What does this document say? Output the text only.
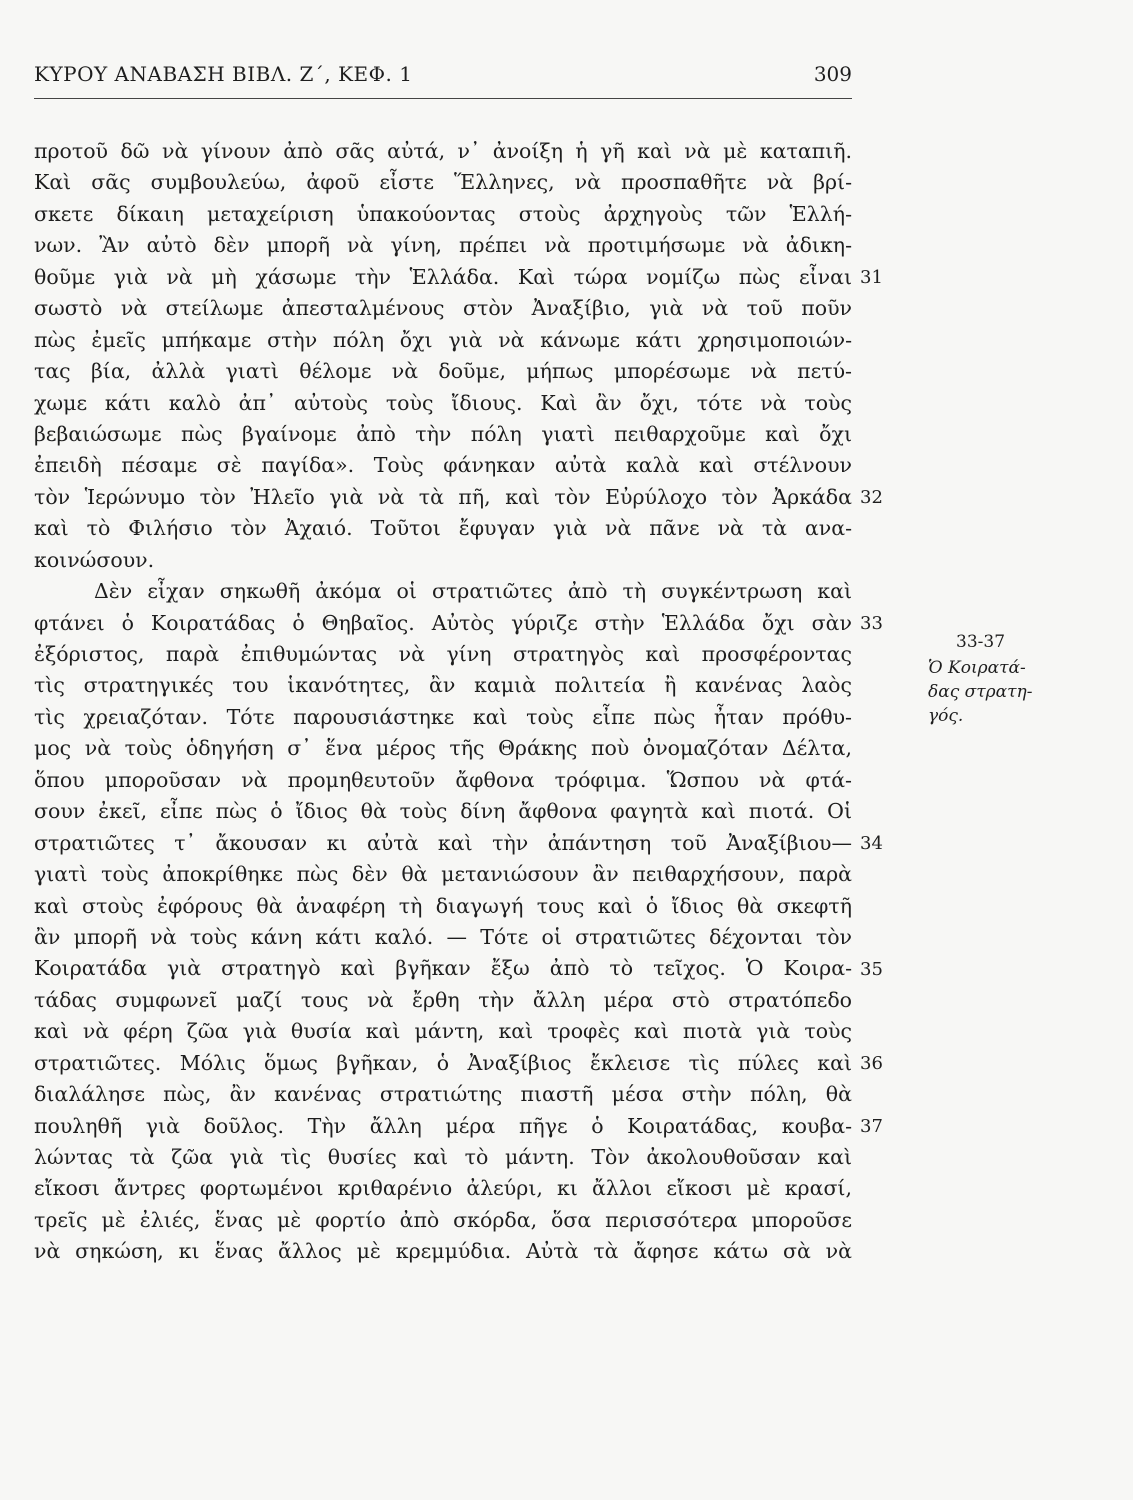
ΚΥΡΟΥ ΑΝΑΒΑΣΗ ΒΙΒΛ. Ζ΄, ΚΕΦ. 1	309
προτοῦ δῶ νὰ γίνουν ἀπὸ σᾶς αὐτά, ν᾿ ἀνοίξη ἡ γῆ καὶ νὰ μὲ καταπιῆ.
Καὶ σᾶς συμβουλεύω, ἀφοῦ εἶστε Ἕλληνες, νὰ προσπαθῆτε νὰ βρί-
σκετε δίκαιη μεταχείριση ὑπακούοντας στοὺς ἀρχηγοὺς τῶν Ἑλλή-
νων. Ἂν αὐτὸ δὲν μπορῆ νὰ γίνη, πρέπει νὰ προτιμήσωμε νὰ ἀδικη-
θοῦμε γιὰ νὰ μὴ χάσωμε τὴν Ἑλλάδα. Καὶ τώρα νομίζω πὼς εἶναι
σωστὸ νὰ στείλωμε ἀπεσταλμένους στὸν Ἀναξίβιο, γιὰ νὰ τοῦ ποῦν
πὼς ἐμεῖς μπήκαμε στὴν πόλη ὄχι γιὰ νὰ κάνωμε κάτι χρησιμοποιών-
τας βία, ἀλλὰ γιατὶ θέλομε νὰ δοῦμε, μήπως μπορέσωμε νὰ πετύ-
χωμε κάτι καλὸ ἀπ᾿ αὐτοὺς τοὺς ἴδιους. Καὶ ἂν ὄχι, τότε νὰ τοὺς
βεβαιώσωμε πὼς βγαίνομε ἀπὸ τὴν πόλη γιατὶ πειθαρχοῦμε καὶ ὄχι
ἐπειδὴ πέσαμε σὲ παγίδα». Τοὺς φάνηκαν αὐτὰ καλὰ καὶ στέλνουν
τὸν Ἱερώνυμο τὸν Ἠλεῖο γιὰ νὰ τὰ πῆ, καὶ τὸν Εὐρύλοχο τὸν Ἀρκάδα
καὶ τὸ Φιλήσιο τὸν Ἀχαιό. Τοῦτοι ἔφυγαν γιὰ νὰ πᾶνε νὰ τὰ ανα-
κοινώσουν.
Δὲν εἶχαν σηκωθῆ ἀκόμα οἱ στρατιῶτες ἀπὸ τὴ συγκέντρωση καὶ
φτάνει ὁ Κοιρατάδας ὁ Θηβαῖος. Αὐτὸς γύριζε στὴν Ἑλλάδα ὄχι σὰν
ἐξόριστος, παρὰ ἐπιθυμώντας νὰ γίνη στρατηγὸς καὶ προσφέροντας
τὶς στρατηγικές του ἱκανότητες, ἂν καμιὰ πολιτεία ἢ κανένας λαὸς
τὶς χρειαζόταν. Τότε παρουσιάστηκε καὶ τοὺς εἶπε πὼς ἦταν πρόθυ-
μος νὰ τοὺς ὁδηγήση σ᾿ ἕνα μέρος τῆς Θράκης ποὺ ὀνομαζόταν Δέλτα,
ὅπου μποροῦσαν νὰ προμηθευτοῦν ἄφθονα τρόφιμα. Ὥσπου νὰ φτά-
σουν ἐκεῖ, εἶπε πὼς ὁ ἴδιος θὰ τοὺς δίνη ἄφθονα φαγητὰ καὶ πιοτά. Οἱ
στρατιῶτες τ᾿ ἄκουσαν κι αὐτὰ καὶ τὴν ἀπάντηση τοῦ Ἀναξίβιου—
γιατὶ τοὺς ἀποκρίθηκε πὼς δὲν θὰ μετανιώσουν ἂν πειθαρχήσουν, παρὰ
καὶ στοὺς ἐφόρους θὰ ἀναφέρη τὴ διαγωγή τους καὶ ὁ ἴδιος θὰ σκεφτῆ
ἂν μπορῆ νὰ τοὺς κάνη κάτι καλό. — Τότε οἱ στρατιῶτες δέχονται τὸν
Κοιρατάδα γιὰ στρατηγὸ καὶ βγῆκαν ἔξω ἀπὸ τὸ τεῖχος. Ὁ Κοιρα-
τάδας συμφωνεῖ μαζί τους νὰ ἔρθη τὴν ἄλλη μέρα στὸ στρατόπεδο
καὶ νὰ φέρη ζῶα γιὰ θυσία καὶ μάντη, καὶ τροφὲς καὶ πιοτὰ γιὰ τοὺς
στρατιῶτες. Μόλις ὅμως βγῆκαν, ὁ Ἀναξίβιος ἔκλεισε τὶς πύλες καὶ
διαλάλησε πὼς, ἂν κανένας στρατιώτης πιαστῆ μέσα στὴν πόλη, θὰ
πουληθῆ γιὰ δοῦλος. Τὴν ἄλλη μέρα πῆγε ὁ Κοιρατάδας, κουβα-
λώντας τὰ ζῶα γιὰ τὶς θυσίες καὶ τὸ μάντη. Τὸν ἀκολουθοῦσαν καὶ
εἴκοσι ἄντρες φορτωμένοι κριθαρένιο ἀλεύρι, κι ἄλλοι εἴκοσι μὲ κρασί,
τρεῖς μὲ ἐλιές, ἕνας μὲ φορτίο ἀπὸ σκόρδα, ὅσα περισσότερα μποροῦσε
νὰ σηκώση, κι ἕνας ἄλλος μὲ κρεμμύδια. Αὐτὰ τὰ ἄφησε κάτω σὰ νὰ
31
32
33
34
35
36
37
33-37
Ὁ Κοιρατά-
δας στρατη-
γός.
